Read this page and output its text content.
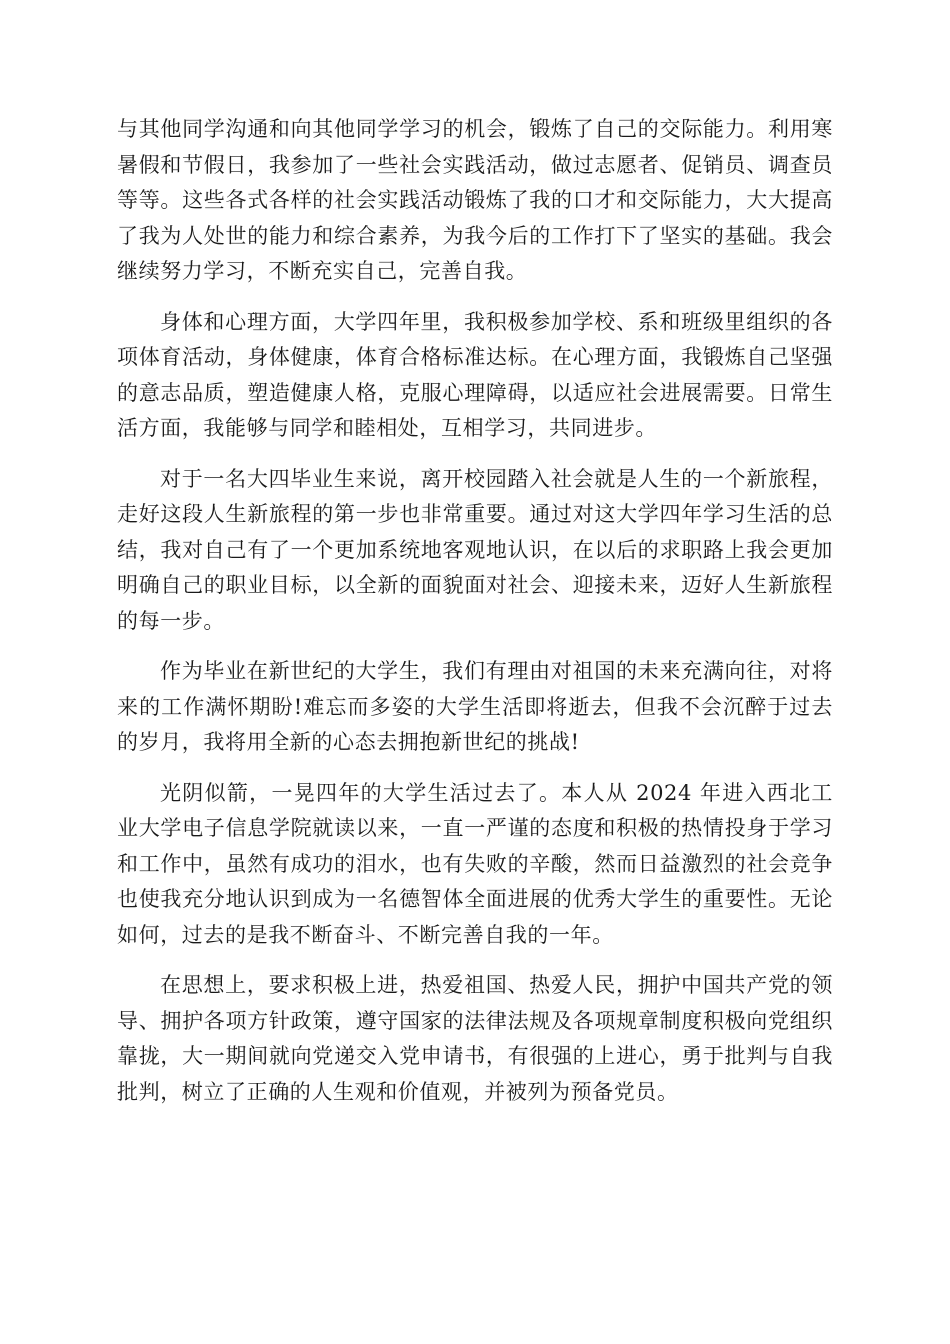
与其他同学沟通和向其他同学学习的机会，锻炼了自己的交际能力。利用寒暑假和节假日，我参加了一些社会实践活动，做过志愿者、促销员、调查员等等。这些各式各样的社会实践活动锻炼了我的口才和交际能力，大大提高了我为人处世的能力和综合素养，为我今后的工作打下了坚实的基础。我会继续努力学习，不断充实自己，完善自我。

身体和心理方面，大学四年里，我积极参加学校、系和班级里组织的各项体育活动，身体健康，体育合格标准达标。在心理方面，我锻炼自己坚强的意志品质，塑造健康人格，克服心理障碍，以适应社会进展需要。日常生活方面，我能够与同学和睦相处，互相学习，共同进步。

对于一名大四毕业生来说，离开校园踏入社会就是人生的一个新旅程，走好这段人生新旅程的第一步也非常重要。通过对这大学四年学习生活的总结，我对自己有了一个更加系统地客观地认识，在以后的求职路上我会更加明确自己的职业目标，以全新的面貌面对社会、迎接未来，迈好人生新旅程的每一步。

作为毕业在新世纪的大学生，我们有理由对祖国的未来充满向往，对将来的工作满怀期盼!难忘而多姿的大学生活即将逝去，但我不会沉醉于过去的岁月，我将用全新的心态去拥抱新世纪的挑战!

光阴似箭，一晃四年的大学生活过去了。本人从 2024 年进入西北工业大学电子信息学院就读以来，一直一严谨的态度和积极的热情投身于学习和工作中，虽然有成功的泪水，也有失败的辛酸，然而日益激烈的社会竞争也使我充分地认识到成为一名德智体全面进展的优秀大学生的重要性。无论如何，过去的是我不断奋斗、不断完善自我的一年。

在思想上，要求积极上进，热爱祖国、热爱人民，拥护中国共产党的领导、拥护各项方针政策，遵守国家的法律法规及各项规章制度积极向党组织靠拢，大一期间就向党递交入党申请书，有很强的上进心，勇于批判与自我批判，树立了正确的人生观和价值观，并被列为预备党员。
